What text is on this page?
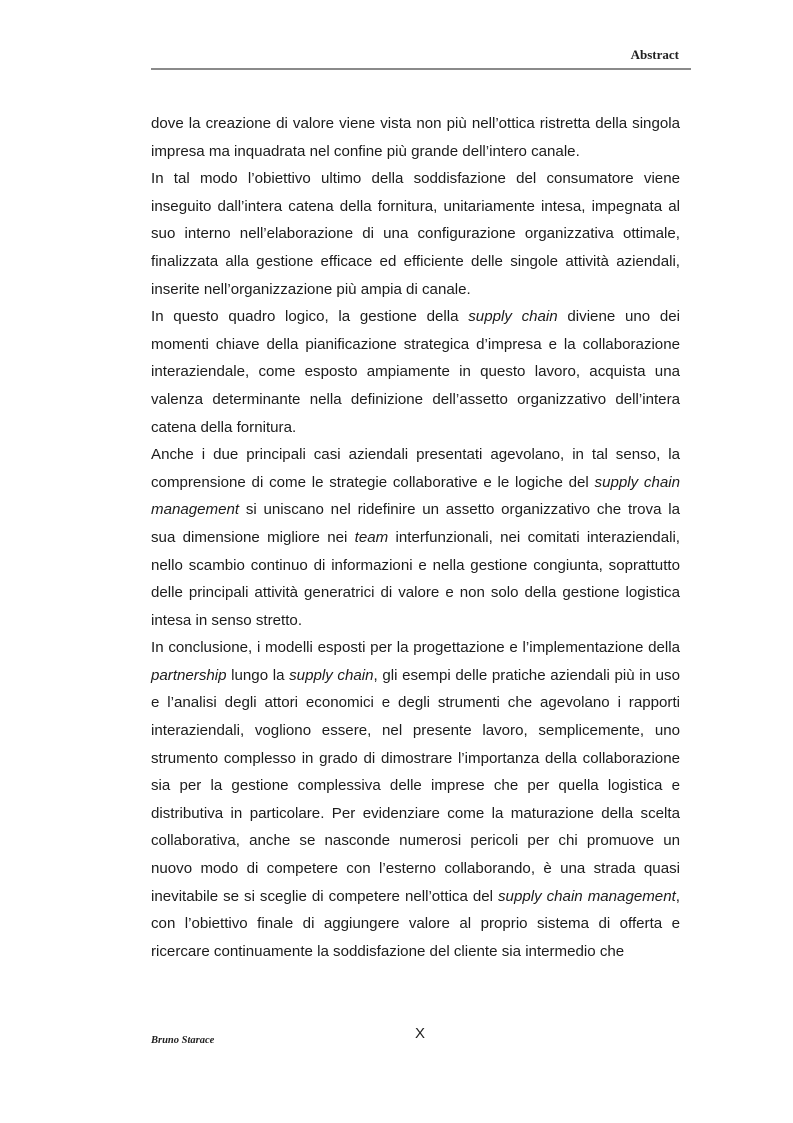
Abstract

dove la creazione di valore viene vista non più nell’ottica ristretta della singola impresa ma inquadrata nel confine più grande dell’intero canale.

In tal modo l’obiettivo ultimo della soddisfazione del consumatore viene inseguito dall’intera catena della fornitura, unitariamente intesa, impegnata al suo interno nell’elaborazione di una configurazione organizzativa ottimale, finalizzata alla gestione efficace ed efficiente delle singole attività aziendali, inserite nell’organizzazione più ampia di canale.

In questo quadro logico, la gestione della supply chain diviene uno dei momenti chiave della pianificazione strategica d’impresa e la collaborazione interaziendale, come esposto ampiamente in questo lavoro, acquista una valenza determinante nella definizione dell’assetto organizzativo dell’intera catena della fornitura.

Anche i due principali casi aziendali presentati agevolano, in tal senso, la comprensione di come le strategie collaborative e le logiche del supply chain management si uniscano nel ridefinire un assetto organizzativo che trova la sua dimensione migliore nei team interfunzionali, nei comitati interaziendali, nello scambio continuo di informazioni e nella gestione congiunta, soprattutto delle principali attività generatrici di valore e non solo della gestione logistica intesa in senso stretto.

In conclusione, i modelli esposti per la progettazione e l’implementazione della partnership lungo la supply chain, gli esempi delle pratiche aziendali più in uso e l’analisi degli attori economici e degli strumenti che agevolano i rapporti interaziendali, vogliono essere, nel presente lavoro, semplicemente, uno strumento complesso in grado di dimostrare l’importanza della collaborazione sia per la gestione complessiva delle imprese che per quella logistica e distributiva in particolare. Per evidenziare come la maturazione della scelta collaborativa, anche se nasconde numerosi pericoli per chi promuove un nuovo modo di competere con l’esterno collaborando, è una strada quasi inevitabile se si sceglie di competere nell’ottica del supply chain management, con l’obiettivo finale di aggiungere valore al proprio sistema di offerta e ricercare continuamente la soddisfazione del cliente sia intermedio che

X
Bruno Starace
